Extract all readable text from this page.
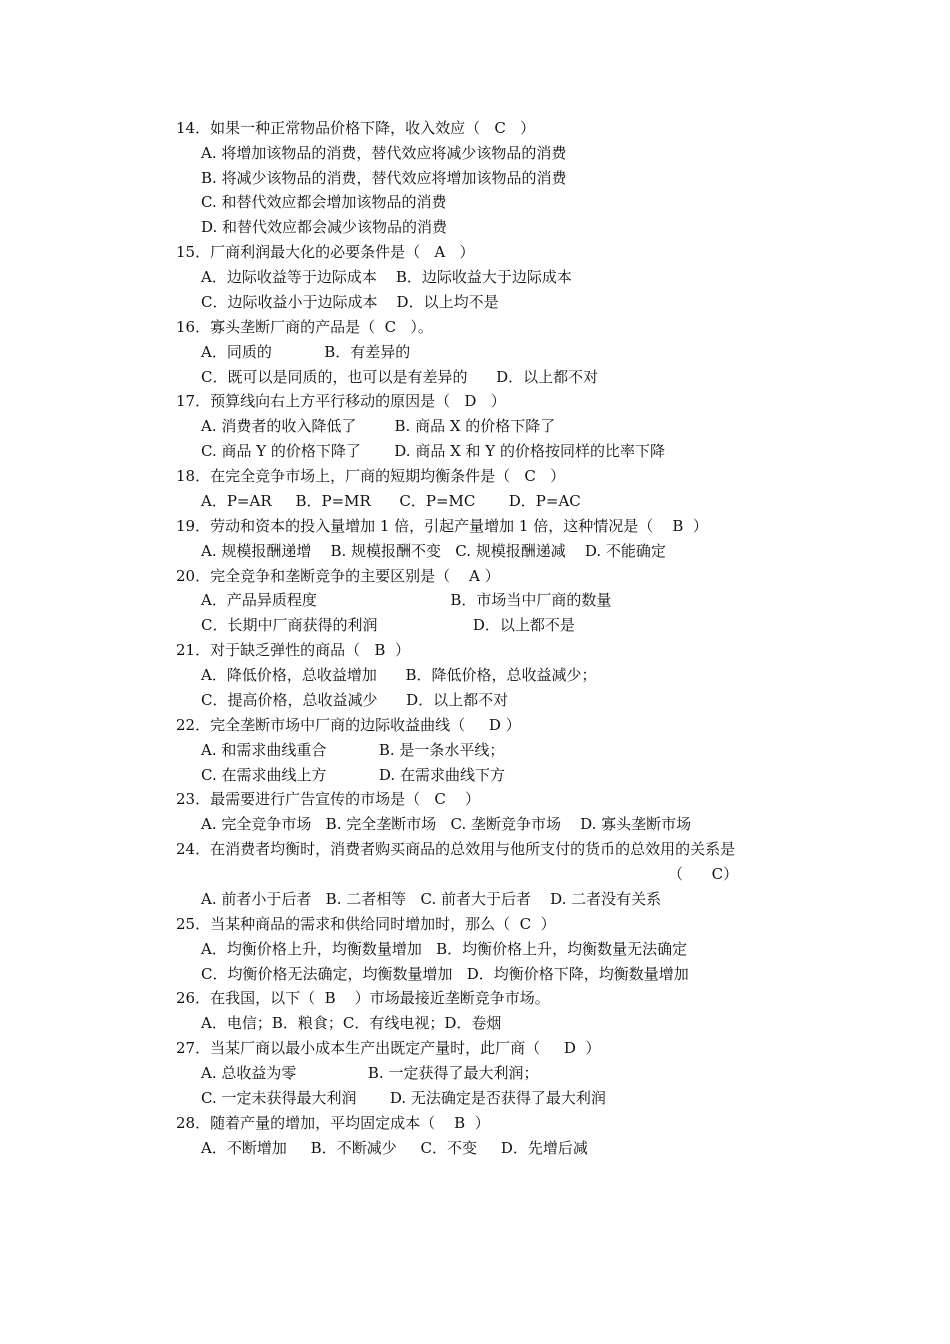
14．如果一种正常物品价格下降，收入效应（   C   ）
A. 将增加该物品的消费，替代效应将减少该物品的消费
B. 将减少该物品的消费，替代效应将增加该物品的消费
C. 和替代效应都会增加该物品的消费
D. 和替代效应都会减少该物品的消费
15．厂商利润最大化的必要条件是（   A   ）
A．边际收益等于边际成本    B．边际收益大于边际成本
C．边际收益小于边际成本    D．以上均不是
16．寡头垄断厂商的产品是（  C   ）。
A．同质的           B．有差异的
C．既可以是同质的，也可以是有差异的      D．以上都不对
17．预算线向右上方平行移动的原因是（   D   ）
A. 消费者的收入降低了        B. 商品 X 的价格下降了
C. 商品 Y 的价格下降了       D. 商品 X 和 Y 的价格按同样的比率下降
18．在完全竞争市场上，厂商的短期均衡条件是（   C   ）
A．P=AR     B．P=MR      C．P=MC       D．P=AC
19．劳动和资本的投入量增加 1 倍，引起产量增加 1 倍，这种情况是（    B  ）
A. 规模报酬递增    B. 规模报酬不变   C. 规模报酬递减    D. 不能确定
20．完全竞争和垄断竞争的主要区别是（    A ）
A．产品异质程度                            B．市场当中厂商的数量
C．长期中厂商获得的利润                    D．以上都不是
21．对于缺乏弹性的商品（   B  ）
A．降低价格，总收益增加      B．降低价格，总收益减少；
C．提高价格，总收益减少      D．以上都不对
22．完全垄断市场中厂商的边际收益曲线（     D ）
A. 和需求曲线重合           B. 是一条水平线；
C. 在需求曲线上方           D. 在需求曲线下方
23．最需要进行广告宣传的市场是（   C    ）
A. 完全竞争市场   B. 完全垄断市场   C. 垄断竞争市场    D. 寡头垄断市场
24．在消费者均衡时，消费者购买商品的总效用与他所支付的货币的总效用的关系是
（      C）
A. 前者小于后者   B. 二者相等   C. 前者大于后者    D. 二者没有关系
25．当某种商品的需求和供给同时增加时，那么（  C  ）
A．均衡价格上升，均衡数量增加   B．均衡价格上升，均衡数量无法确定
C．均衡价格无法确定，均衡数量增加   D．均衡价格下降，均衡数量增加
26．在我国，以下（  B    ）市场最接近垄断竞争市场。
A．电信；B．粮食；C．有线电视；D．卷烟
27．当某厂商以最小成本生产出既定产量时，此厂商（     D  ）
A. 总收益为零               B. 一定获得了最大利润；
C. 一定未获得最大利润       D. 无法确定是否获得了最大利润
28．随着产量的增加，平均固定成本（    B  ）
A．不断增加     B．不断减少     C．不变     D．先增后减
